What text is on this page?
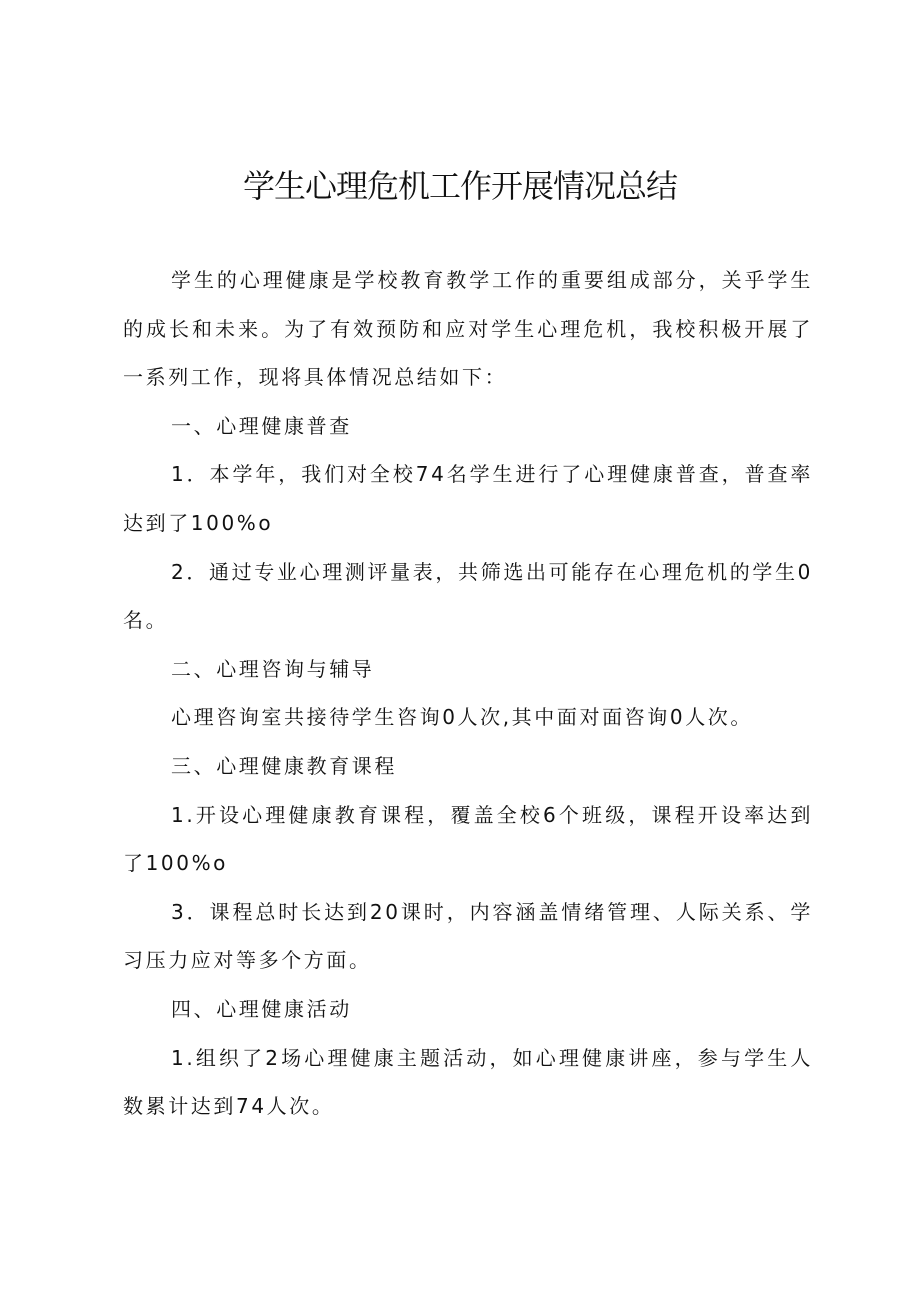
学生心理危机工作开展情况总结

学生的心理健康是学校教育教学工作的重要组成部分，关乎学生的成长和未来。为了有效预防和应对学生心理危机，我校积极开展了一系列工作，现将具体情况总结如下：

一、心理健康普查

1．本学年，我们对全校74名学生进行了心理健康普查，普查率达到了100%o

2．通过专业心理测评量表，共筛选出可能存在心理危机的学生0名。

二、心理咨询与辅导

心理咨询室共接待学生咨询0人次,其中面对面咨询0人次。

三、心理健康教育课程

1.开设心理健康教育课程，覆盖全校6个班级，课程开设率达到了100%o

3．课程总时长达到20课时，内容涵盖情绪管理、人际关系、学习压力应对等多个方面。

四、心理健康活动

1.组织了2场心理健康主题活动，如心理健康讲座，参与学生人数累计达到74人次。
